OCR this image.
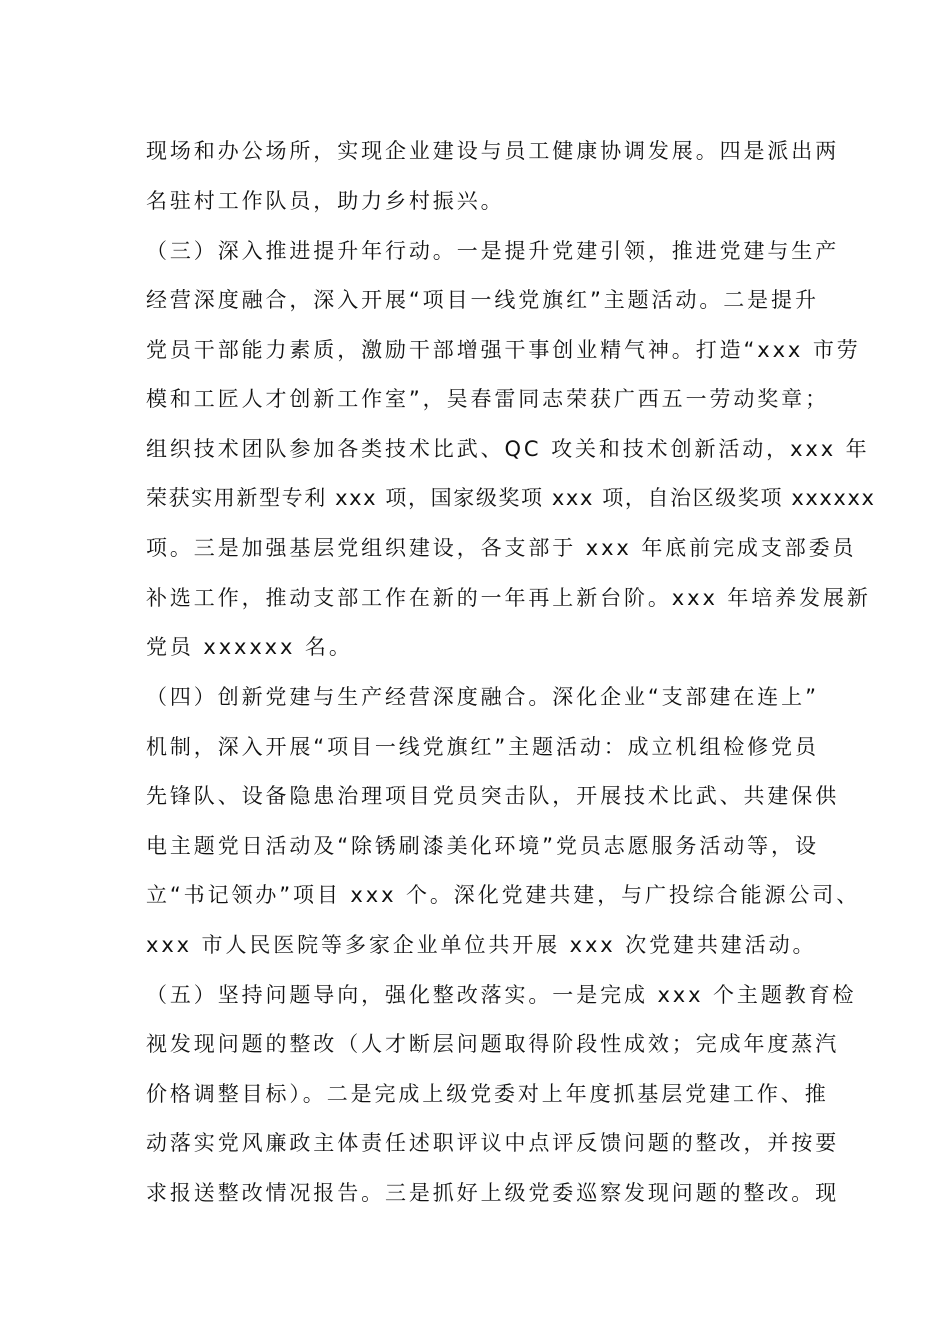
现场和办公场所，实现企业建设与员工健康协调发展。四是派出两
名驻村工作队员，助力乡村振兴。
（三）深入推进提升年行动。一是提升党建引领，推进党建与生产
经营深度融合，深入开展“项目一线党旗红”主题活动。二是提升
党员干部能力素质，激励干部增强干事创业精气神。打造“xxx 市劳
模和工匠人才创新工作室”，吴春雷同志荣获广西五一劳动奖章；
组织技术团队参加各类技术比武、QC 攻关和技术创新活动，xxx 年
荣获实用新型专利 xxx 项，国家级奖项 xxx 项，自治区级奖项 xxxxxx
项。三是加强基层党组织建设，各支部于 xxx 年底前完成支部委员
补选工作，推动支部工作在新的一年再上新台阶。xxx 年培养发展新
党员 xxxxxx 名。
（四）创新党建与生产经营深度融合。深化企业“支部建在连上”
机制，深入开展“项目一线党旗红”主题活动：成立机组检修党员
先锋队、设备隐患治理项目党员突击队，开展技术比武、共建保供
电主题党日活动及“除锈刷漆美化环境”党员志愿服务活动等，设
立“书记领办”项目 xxx 个。深化党建共建，与广投综合能源公司、
xxx 市人民医院等多家企业单位共开展 xxx 次党建共建活动。
（五）坚持问题导向，强化整改落实。一是完成 xxx 个主题教育检
视发现问题的整改（人才断层问题取得阶段性成效；完成年度蒸汽
价格调整目标）。二是完成上级党委对上年度抓基层党建工作、推
动落实党风廉政主体责任述职评议中点评反馈问题的整改，并按要
求报送整改情况报告。三是抓好上级党委巡察发现问题的整改。现
